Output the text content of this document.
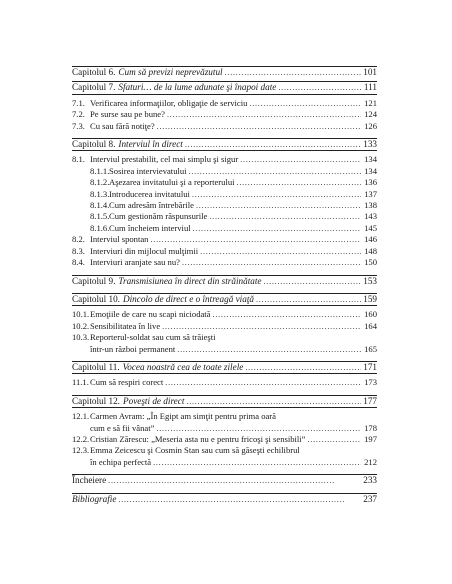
Capitolul 6. Cum să previzi neprevăzutul . . .	101
Capitolul 7. Sfaturi… de la lume adunate şi înapoi date . . .	111
7.1. Verificarea informaţiilor, obligaţie de serviciu . . .	121
7.2. Pe surse sau pe bune? . . .	124
7.3. Cu sau fără notiţe? . . .	126
Capitolul 8. Interviul în direct . . .	133
8.1. Interviul prestabilit, cel mai simplu şi sigur . . .	134
8.1.1. Sosirea intervievatului . . .	134
8.1.2. Aşezarea invitatului şi a reporterului . . .	136
8.1.3. Introducerea invitatului . . .	137
8.1.4. Cum adresăm întrebările . . .	138
8.1.5. Cum gestionăm răspunsurile . . .	143
8.1.6. Cum încheiem interviul . . .	145
8.2. Interviul spontan . . .	146
8.3. Interviuri din mijlocul mulţimii . . .	148
8.4. Interviuri aranjate sau nu? . . .	150
Capitolul 9. Transmisiunea în direct din străinătate . . .	153
Capitolul 10. Dincolo de direct e o întreagă viaţă . . .	159
10.1. Emoţiile de care nu scapi niciodată . . .	160
10.2. Sensibilitatea în live . . .	164
10.3. Reporterul-soldat sau cum să trăieşti
într-un război permanent . . .	165
Capitolul 11. Vocea noastră cea de toate zilele . . .	171
11.1. Cum să respiri corect . . .	173
Capitolul 12. Poveşti de direct . . .	177
12.1. Carmen Avram: „În Egipt am simţit pentru prima oară
cum e să fii vânat” . . .	178
12.2. Cristian Zărescu: „Meseria asta nu e pentru fricoşi şi sensibili” . . .	197
12.3. Emma Zeicescu şi Cosmin Stan sau cum să găseşti echilibrul
în echipa perfectă . . .	212
Încheiere . . .	233
Bibliografie . . .	237
